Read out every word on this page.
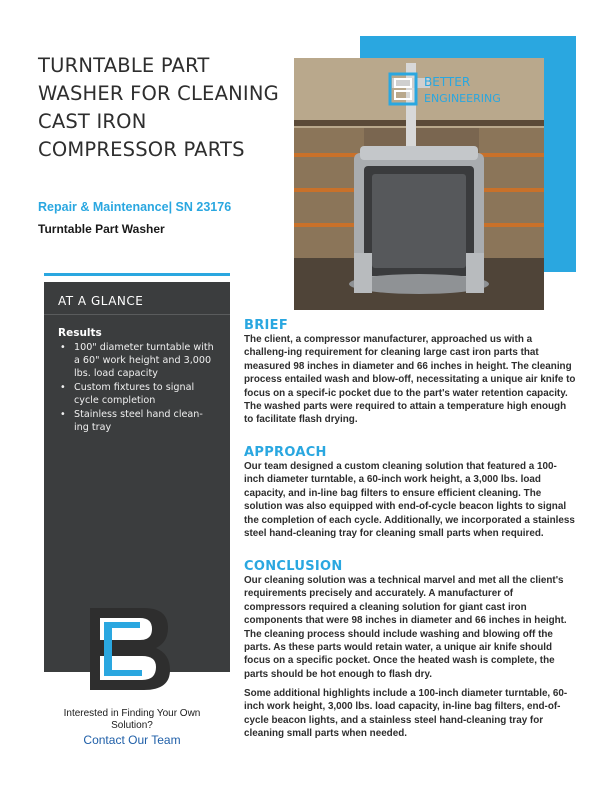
TURNTABLE PART WASHER FOR CLEANING CAST IRON COMPRESSOR PARTS
Repair & Maintenance| SN 23176
Turntable Part Washer
BETTER
ENGINEERING
AT A GLANCE
Results
• 100" diameter turntable with a 60" work height and 3,000 lbs. load capacity
• Custom fixtures to signal cycle completion
• Stainless steel hand clean-ing tray
BRIEF
The client, a compressor manufacturer, approached us with a challeng-ing requirement for cleaning large cast iron parts that measured 98 inches in diameter and 66 inches in height. The cleaning process entailed wash and blow-off, necessitating a unique air knife to focus on a specif-ic pocket due to the part's water retention capacity. The washed parts were required to attain a temperature high enough to facilitate flash drying.
APPROACH
Our team designed a custom cleaning solution that featured a 100-inch diameter turntable, a 60-inch work height, a 3,000 lbs. load capacity, and in-line bag filters to ensure efficient cleaning. The solution was also equipped with end-of-cycle beacon lights to signal the completion of each cycle. Additionally, we incorporated a stainless steel hand-cleaning tray for cleaning small parts when required.
CONCLUSION
Our cleaning solution was a technical marvel and met all the client's requirements precisely and accurately. A manufacturer of compressors required a cleaning solution for giant cast iron components that were 98 inches in diameter and 66 inches in height. The cleaning process should include washing and blowing off the parts. As these parts would retain water, a unique air knife should focus on a specific pocket. Once the heated wash is complete, the parts should be hot enough to flash dry.
Some additional highlights include a 100-inch diameter turntable, 60-inch work height, 3,000 lbs. load capacity, in-line bag filters, end-of-cycle beacon lights, and a stainless steel hand-cleaning tray for cleaning small parts when needed.
Interested in Finding Your Own Solution?
Contact Our Team
